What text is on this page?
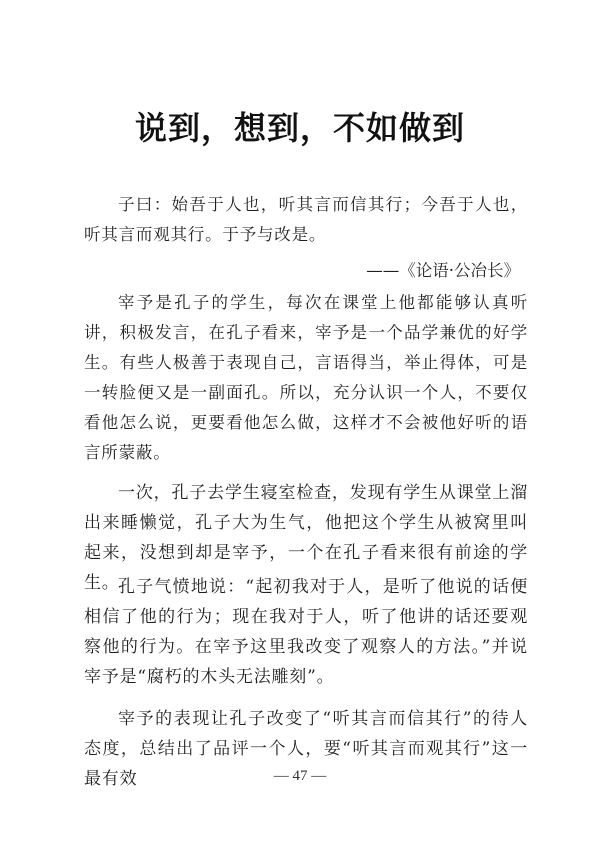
说到，想到，不如做到
子曰：始吾于人也，听其言而信其行；今吾于人也，听其言而观其行。于予与改是。
——《论语·公冶长》
宰予是孔子的学生，每次在课堂上他都能够认真听讲，积极发言，在孔子看来，宰予是一个品学兼优的好学生。有些人极善于表现自己，言语得当，举止得体，可是一转脸便又是一副面孔。所以，充分认识一个人，不要仅看他怎么说，更要看他怎么做，这样才不会被他好听的语言所蒙蔽。
一次，孔子去学生寝室检查，发现有学生从课堂上溜出来睡懒觉，孔子大为生气，他把这个学生从被窝里叫起来，没想到却是宰予，一个在孔子看来很有前途的学生。
孔子气愤地说：“起初我对于人，是听了他说的话便相信了他的行为；现在我对于人，听了他讲的话还要观察他的行为。在宰予这里我改变了观察人的方法。”并说宰予是“腐朽的木头无法雕刻”。
宰予的表现让孔子改变了“听其言而信其行”的待人态度，总结出了品评一个人，要“听其言而观其行”这一最有效	— 47 —
